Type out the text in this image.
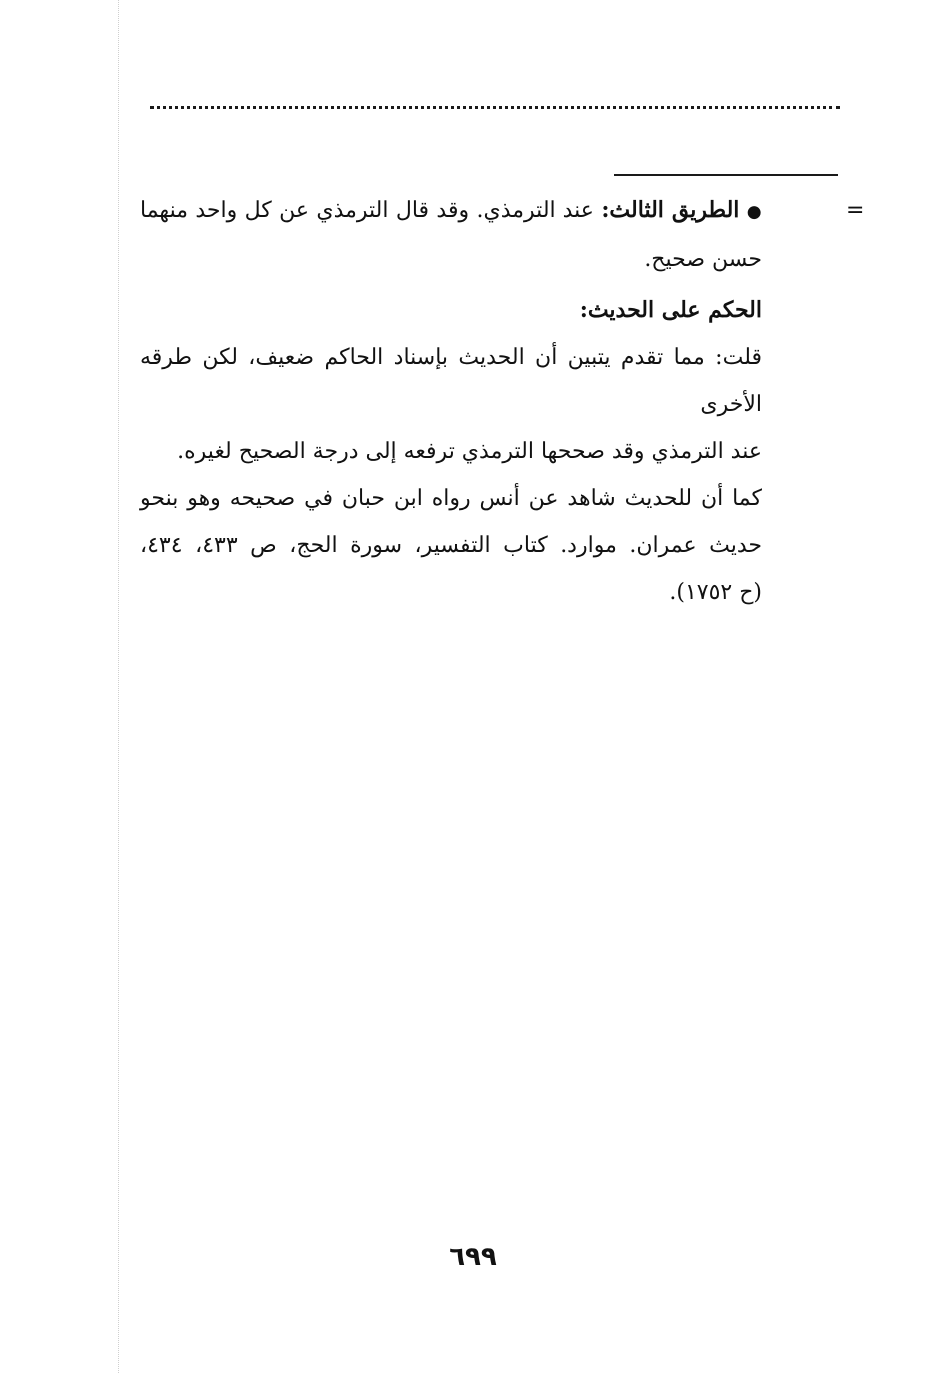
=

● الطريق الثالث: عند الترمذي. وقد قال الترمذي عن كل واحد منهما

حسن صحيح.

الحكم على الحديث:

قلت: مما تقدم يتبين أن الحديث بإسناد الحاكم ضعيف، لكن طرقه الأخرى

عند الترمذي وقد صححها الترمذي ترفعه إلى درجة الصحيح لغيره.

كما أن للحديث شاهد عن أنس رواه ابن حبان في صحيحه وهو بنحو

حديث عمران. موارد. كتاب التفسير، سورة الحج، ص ٤٣٣، ٤٣٤،

(ح ١٧٥٢).

٦٩٩
